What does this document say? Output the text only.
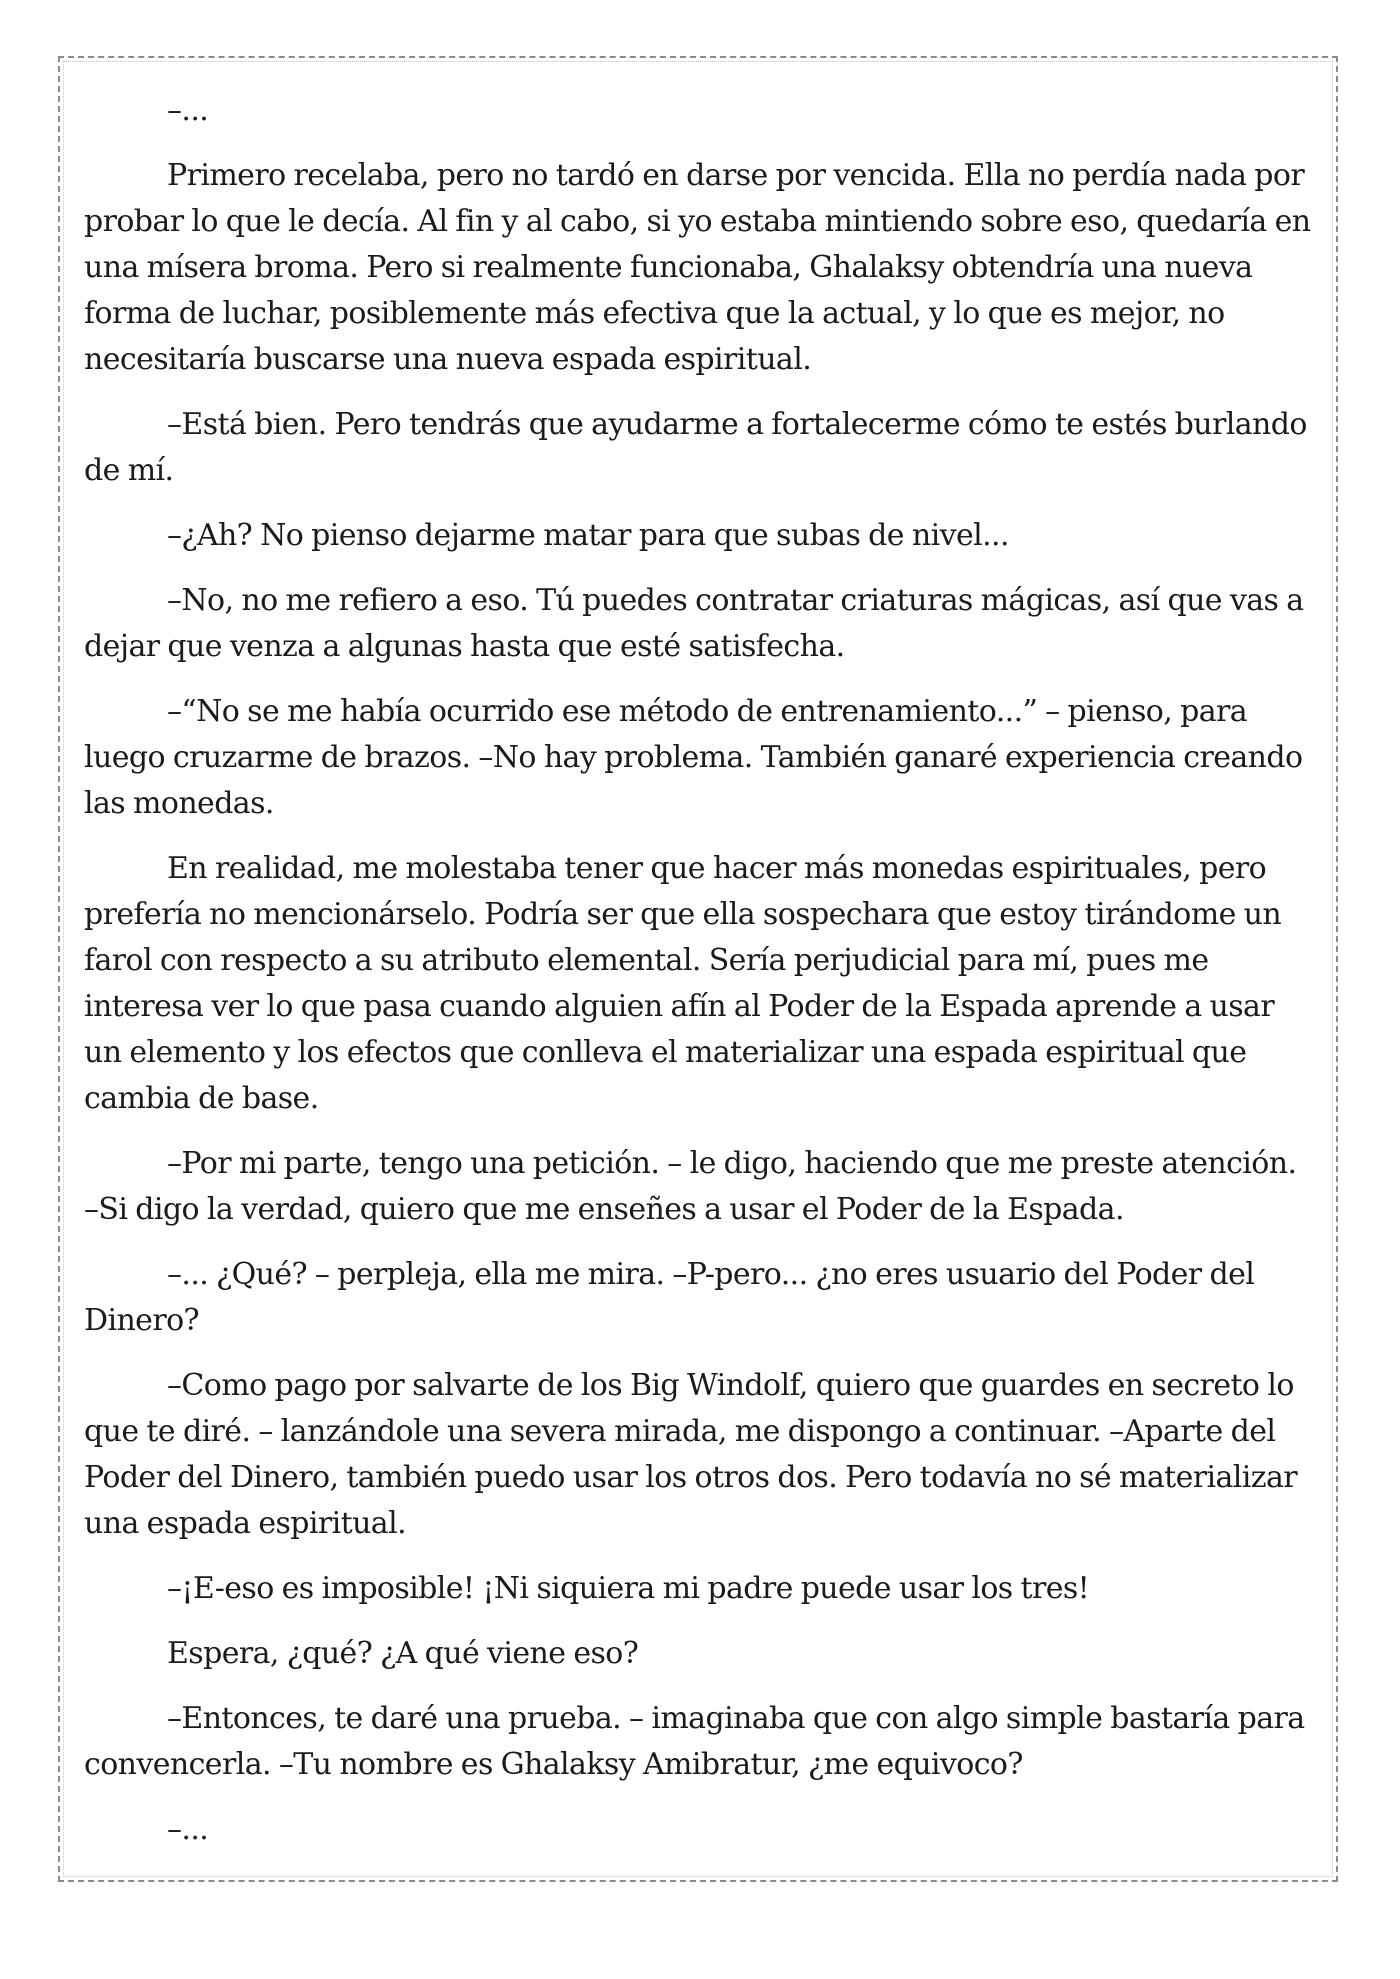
–...

Primero recelaba, pero no tardó en darse por vencida. Ella no perdía nada por probar lo que le decía. Al fin y al cabo, si yo estaba mintiendo sobre eso, quedaría en una mísera broma. Pero si realmente funcionaba, Ghalaksy obtendría una nueva forma de luchar, posiblemente más efectiva que la actual, y lo que es mejor, no necesitaría buscarse una nueva espada espiritual.

–Está bien. Pero tendrás que ayudarme a fortalecerme cómo te estés burlando de mí.

–¿Ah? No pienso dejarme matar para que subas de nivel...

–No, no me refiero a eso. Tú puedes contratar criaturas mágicas, así que vas a dejar que venza a algunas hasta que esté satisfecha.

–“No se me había ocurrido ese método de entrenamiento...” – pienso, para luego cruzarme de brazos. –No hay problema. También ganaré experiencia creando las monedas.

En realidad, me molestaba tener que hacer más monedas espirituales, pero prefería no mencionárselo. Podría ser que ella sospechara que estoy tirándome un farol con respecto a su atributo elemental. Sería perjudicial para mí, pues me interesa ver lo que pasa cuando alguien afín al Poder de la Espada aprende a usar un elemento y los efectos que conlleva el materializar una espada espiritual que cambia de base.

–Por mi parte, tengo una petición. – le digo, haciendo que me preste atención. –Si digo la verdad, quiero que me enseñes a usar el Poder de la Espada.

–... ¿Qué? – perpleja, ella me mira. –P-pero... ¿no eres usuario del Poder del Dinero?

–Como pago por salvarte de los Big Windolf, quiero que guardes en secreto lo que te diré. – lanzándole una severa mirada, me dispongo a continuar. –Aparte del Poder del Dinero, también puedo usar los otros dos. Pero todavía no sé materializar una espada espiritual.

–¡E-eso es imposible! ¡Ni siquiera mi padre puede usar los tres!

Espera, ¿qué? ¿A qué viene eso?

–Entonces, te daré una prueba. – imaginaba que con algo simple bastaría para convencerla. –Tu nombre es Ghalaksy Amibratur, ¿me equivoco?

–...
